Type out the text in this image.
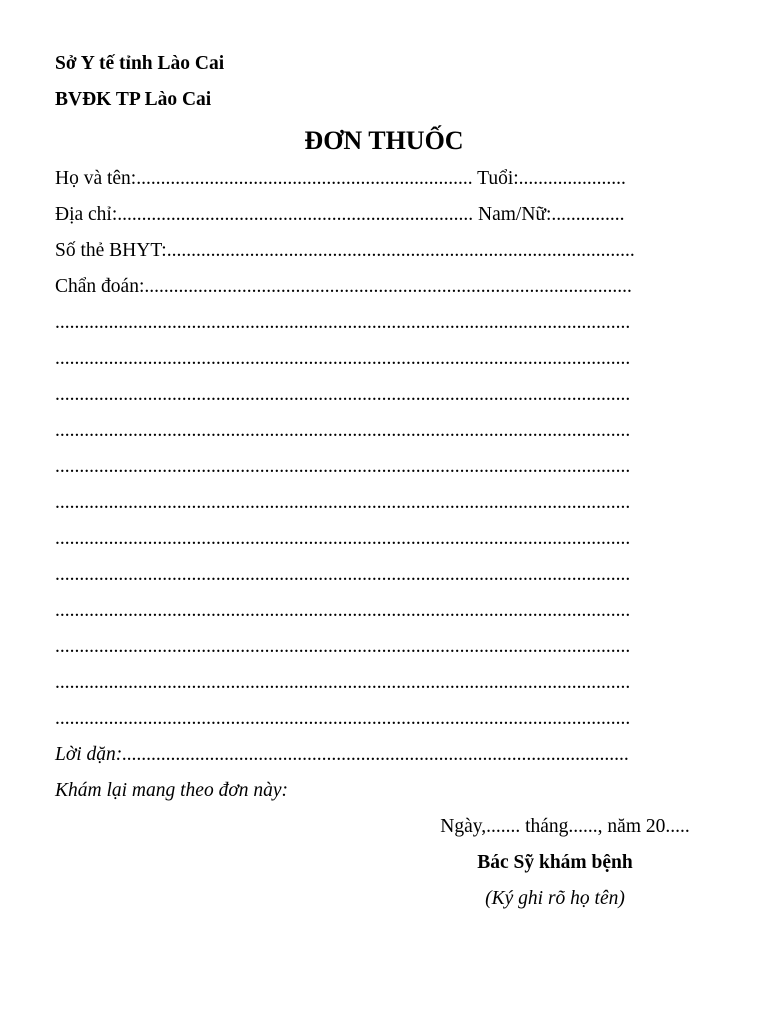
Sở Y tế tỉnh Lào Cai
BVĐK TP Lào Cai
ĐƠN THUỐC
Họ và tên:..................................................................... Tuổi:......................
Địa chỉ:......................................................................... Nam/Nữ:...............
Số thẻ BHYT:................................................................................................
Chẩn đoán:....................................................................................................
......................................................................................................................
......................................................................................................................
......................................................................................................................
......................................................................................................................
......................................................................................................................
......................................................................................................................
......................................................................................................................
......................................................................................................................
......................................................................................................................
......................................................................................................................
......................................................................................................................
......................................................................................................................
Lời dặn:........................................................................................................
Khám lại mang theo đơn này:
Ngày,....... tháng......, năm 20.....
Bác Sỹ khám bệnh
(Ký ghi rõ họ tên)
